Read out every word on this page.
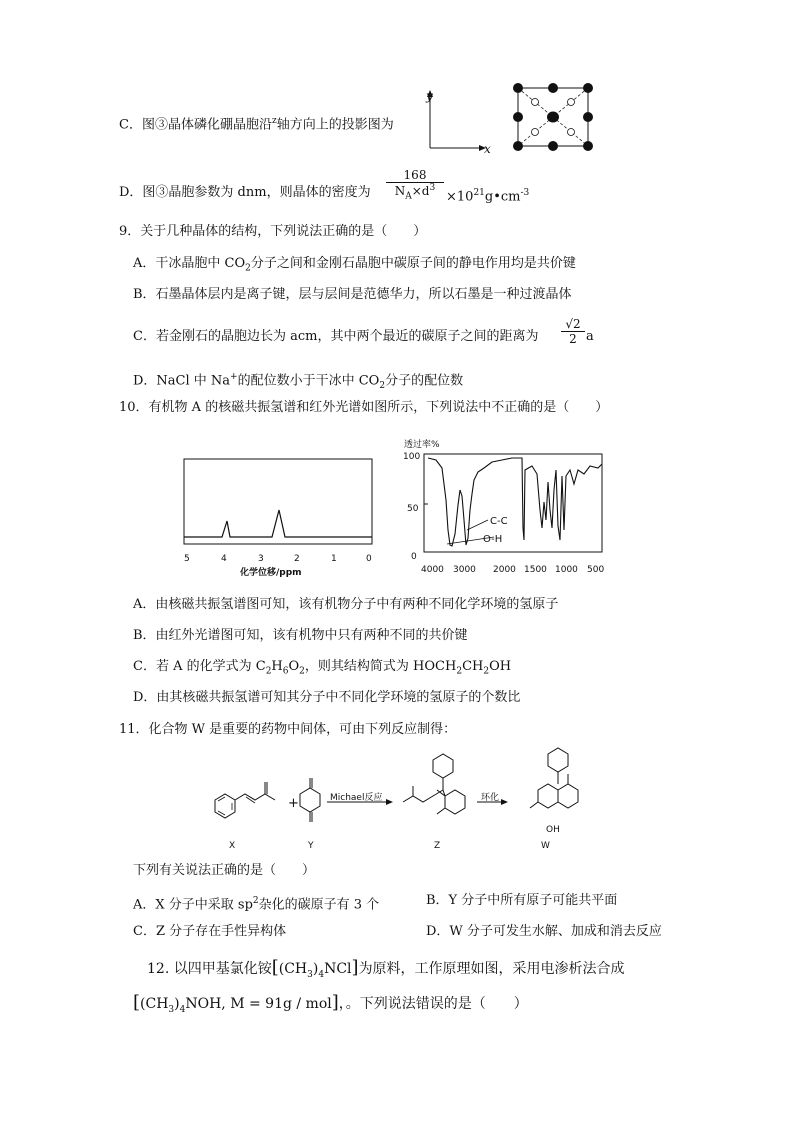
C．图③晶体磷化硼晶胞沿$^z$轴方向上的投影图为
y
x
D．图③晶胞参数为 dnm，则晶体的密度为 $\frac{168}{N_A\times d^3}$ $\times 10^{21}g•cm^{-3}$
9．关于几种晶体的结构，下列说法正确的是（　　）
A．干冰晶胞中 $CO_2$分子之间和金刚石晶胞中碳原子间的静电作用均是共价键
B．石墨晶体层内是离子键，层与层间是范德华力，所以石墨是一种过渡晶体
C．若金刚石的晶胞边长为 acm，其中两个最近的碳原子之间的距离为 $\frac{√2}{2}$ a
D．NaCl 中 Na+的配位数小于干冰中 $CO_2$分子的配位数
10．有机物 A 的核磁共振氢谱和红外光谱如图所示，下列说法中不正确的是（　　）
5	4	3	2	1	0
化学位移/ppm
透过率%
100
50
0
C-C
O-H
4000 3000 2000 1500 1000 500
A．由核磁共振氢谱图可知，该有机物分子中有两种不同化学环境的氢原子
B．由红外光谱图可知，该有机物中只有两种不同的共价键
C．若 A 的化学式为 $C_2H_6O_2$，则其结构简式为 $HOCH_2CH_2OH$
D．由其核磁共振氢谱可知其分子中不同化学环境的氢原子的个数比
11．化合物 W 是重要的药物中间体，可由下列反应制得：
+	Michael反应	环化
OH
X	Y	Z	W
下列有关说法正确的是（　　）
A．X 分子中采取 $sp^2$杂化的碳原子有 3 个	B．Y 分子中所有原子可能共平面
C．Z 分子存在手性异构体	D．W 分子可发生水解、加成和消去反应
12. 以四甲基氯化铵$[(CH_3)_4NCl]$为原料，工作原理如图，采用电渗析法合成
[$(CH_3)_4NOH$, M = 91g / mol]，。下列说法错误的是（　　）
